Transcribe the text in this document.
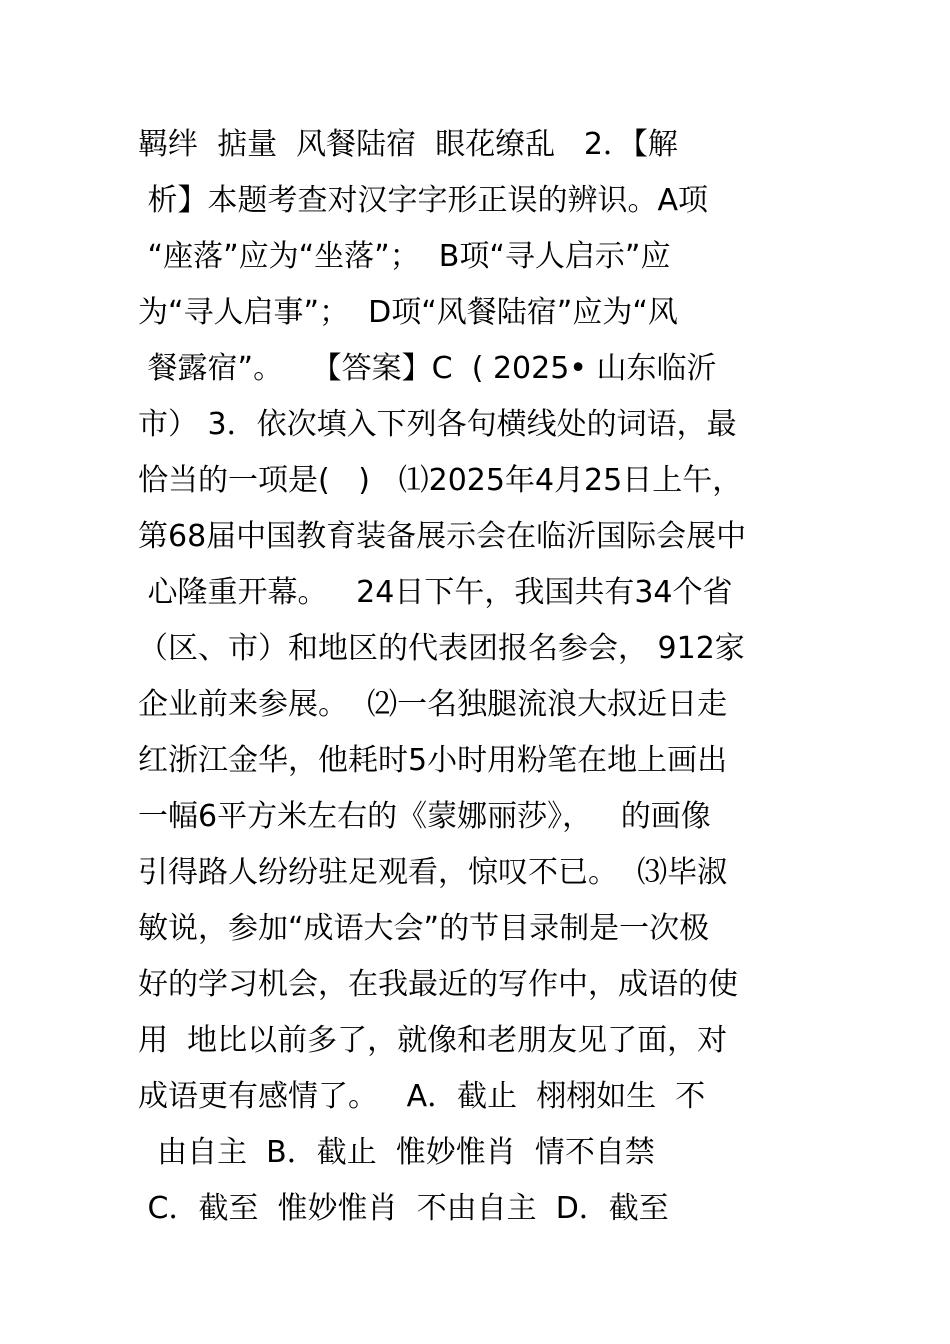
羁绊  掂量  风餐陆宿  眼花缭乱   2．【解
析】本题考查对汉字字形正误的辨识。A项
“座落”应为“坐落”；  B项“寻人启示”应
为“寻人启事”；  D项“风餐陆宿”应为“风
餐露宿”。   【答案】C  ( 2025• 山东临沂
市） 3．依次填入下列各句横线处的词语，最
恰当的一项是(   )   ⑴2025年4月25日上午，
第68届中国教育装备展示会在临沂国际会展中
心隆重开幕。   24日下午，我国共有34个省
（区、市）和地区的代表团报名参会， 912家
企业前来参展。  ⑵一名独腿流浪大叔近日走
红浙江金华，他耗时5小时用粉笔在地上画出
一幅6平方米左右的《蒙娜丽莎》，   的画像
引得路人纷纷驻足观看，惊叹不已。  ⑶毕淑
敏说，参加“成语大会”的节目录制是一次极
好的学习机会，在我最近的写作中，成语的使
用  地比以前多了，就像和老朋友见了面，对
成语更有感情了。   A．截止  栩栩如生  不
由自主  B．截止  惟妙惟肖  情不自禁
C．截至  惟妙惟肖  不由自主  D．截至
